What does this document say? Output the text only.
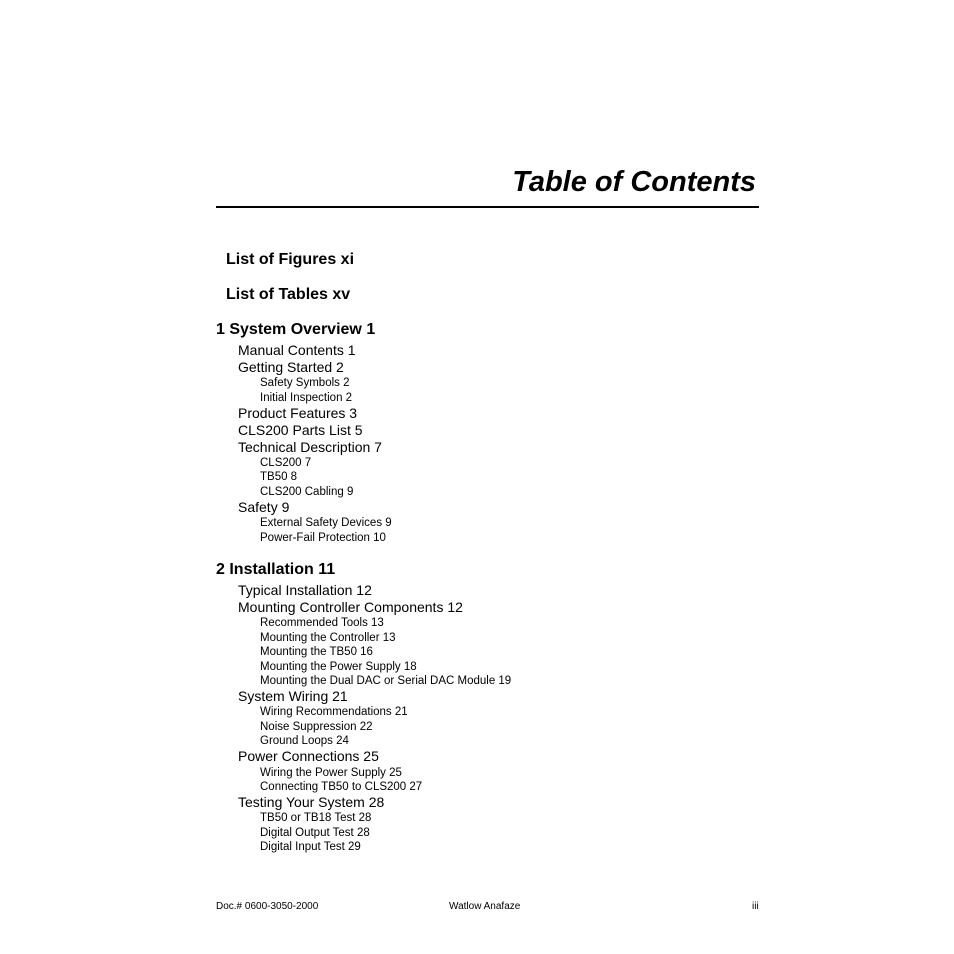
Table of Contents
List of Figures xi
List of Tables xv
1 System Overview 1
Manual Contents 1
Getting Started 2
Safety Symbols 2
Initial Inspection 2
Product Features 3
CLS200 Parts List 5
Technical Description 7
CLS200 7
TB50 8
CLS200 Cabling 9
Safety 9
External Safety Devices 9
Power-Fail Protection 10
2 Installation 11
Typical Installation 12
Mounting Controller Components 12
Recommended Tools 13
Mounting the Controller 13
Mounting the TB50 16
Mounting the Power Supply 18
Mounting the Dual DAC or Serial DAC Module 19
System Wiring 21
Wiring Recommendations 21
Noise Suppression 22
Ground Loops 24
Power Connections 25
Wiring the Power Supply 25
Connecting TB50 to CLS200 27
Testing Your System 28
TB50 or TB18 Test 28
Digital Output Test 28
Digital Input Test 29
Doc.# 0600-3050-2000	Watlow Anafaze	iii
